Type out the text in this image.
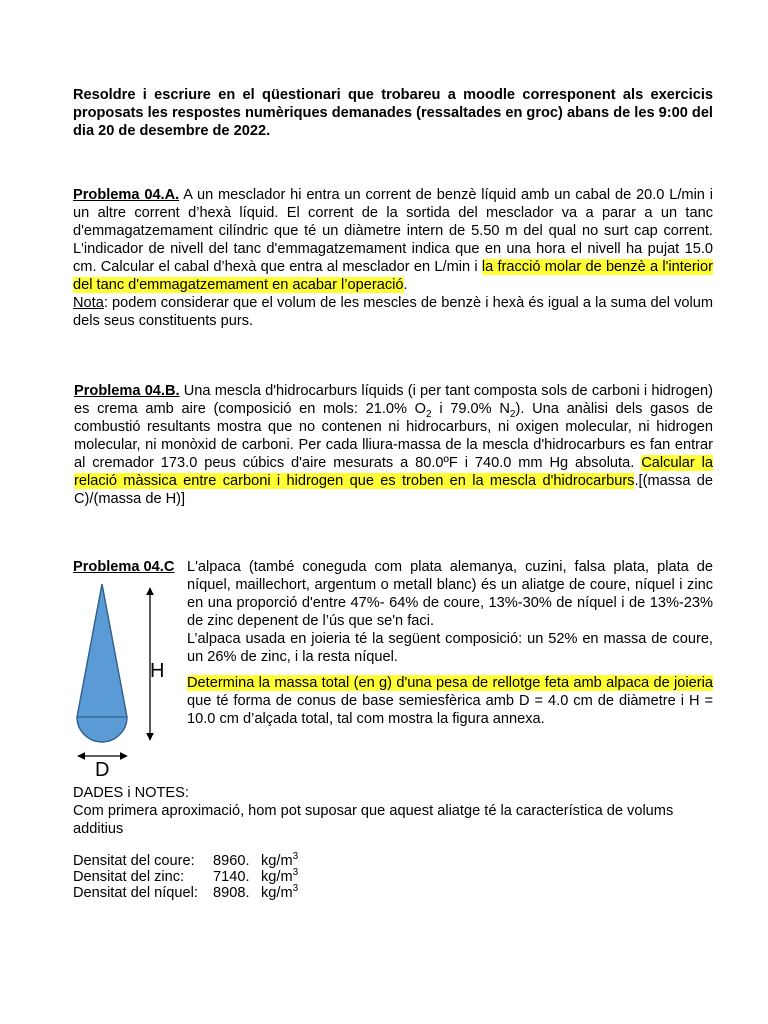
Resoldre i escriure en el qüestionari que trobareu a moodle corresponent als exercicis proposats les respostes numèriques demanades (ressaltades en groc) abans de les 9:00 del dia 20 de desembre de 2022.

Problema 04.A. A un mesclador hi entra un corrent de benzè líquid amb un cabal de 20.0 L/min i un altre corrent d’hexà líquid. El corrent de la sortida del mesclador va a parar a un tanc d'emmagatzemament cilíndric que té un diàmetre intern de 5.50 m del qual no surt cap corrent. L'indicador de nivell del tanc d'emmagatzemament indica que en una hora el nivell ha pujat 15.0 cm. Calcular el cabal d’hexà que entra al mesclador en L/min i la fracció molar de benzè a l'interior del tanc d'emmagatzemament en acabar l’operació.

Nota: podem considerar que el volum de les mescles de benzè i hexà és igual a la suma del volum dels seus constituents purs.

Problema 04.B. Una mescla d'hidrocarburs líquids (i per tant composta sols de carboni i hidrogen) es crema amb aire (composició en mols: 21.0% $O_2$ i 79.0% $N_2$). Una anàlisi dels gasos de combustió resultants mostra que no contenen ni hidrocarburs, ni oxigen molecular, ni hidrogen molecular, ni monòxid de carboni. Per cada lliura-massa de la mescla d'hidrocarburs es fan entrar al cremador 173.0 peus cúbics d'aire mesurats a 80.0ºF i 740.0 mm Hg absoluta. Calcular la relació màssica entre carboni i hidrogen que es troben en la mescla d'hidrocarburs.[(massa de C)/(massa de H)]

Problema 04.C
H
D

L'alpaca (també coneguda com plata alemanya, cuzini, falsa plata, plata de níquel, maillechort, argentum o metall blanc) és un aliatge de coure, níquel i zinc en una proporció d'entre 47%- 64% de coure, 13%-30% de níquel i de 13%-23% de zinc depenent de l’ús que se'n faci.

L’alpaca usada en joieria té la següent composició: un 52% en massa de coure, un 26% de zinc, i la resta níquel.

Determina la massa total (en g) d'una pesa de rellotge feta amb alpaca de joieria que té forma de conus de base semiesfèrica amb D = 4.0 cm de diàmetre i H = 10.0 cm d’alçada total, tal com mostra la figura annexa.

DADES i NOTES:

Com primera aproximació, hom pot suposar que aquest aliatge té la característica de volums additius

Densitat del coure:	8960.	$kg/m^3$
Densitat del zinc:	7140.	$kg/m^3$
Densitat del níquel:	8908.	$kg/m^3$
